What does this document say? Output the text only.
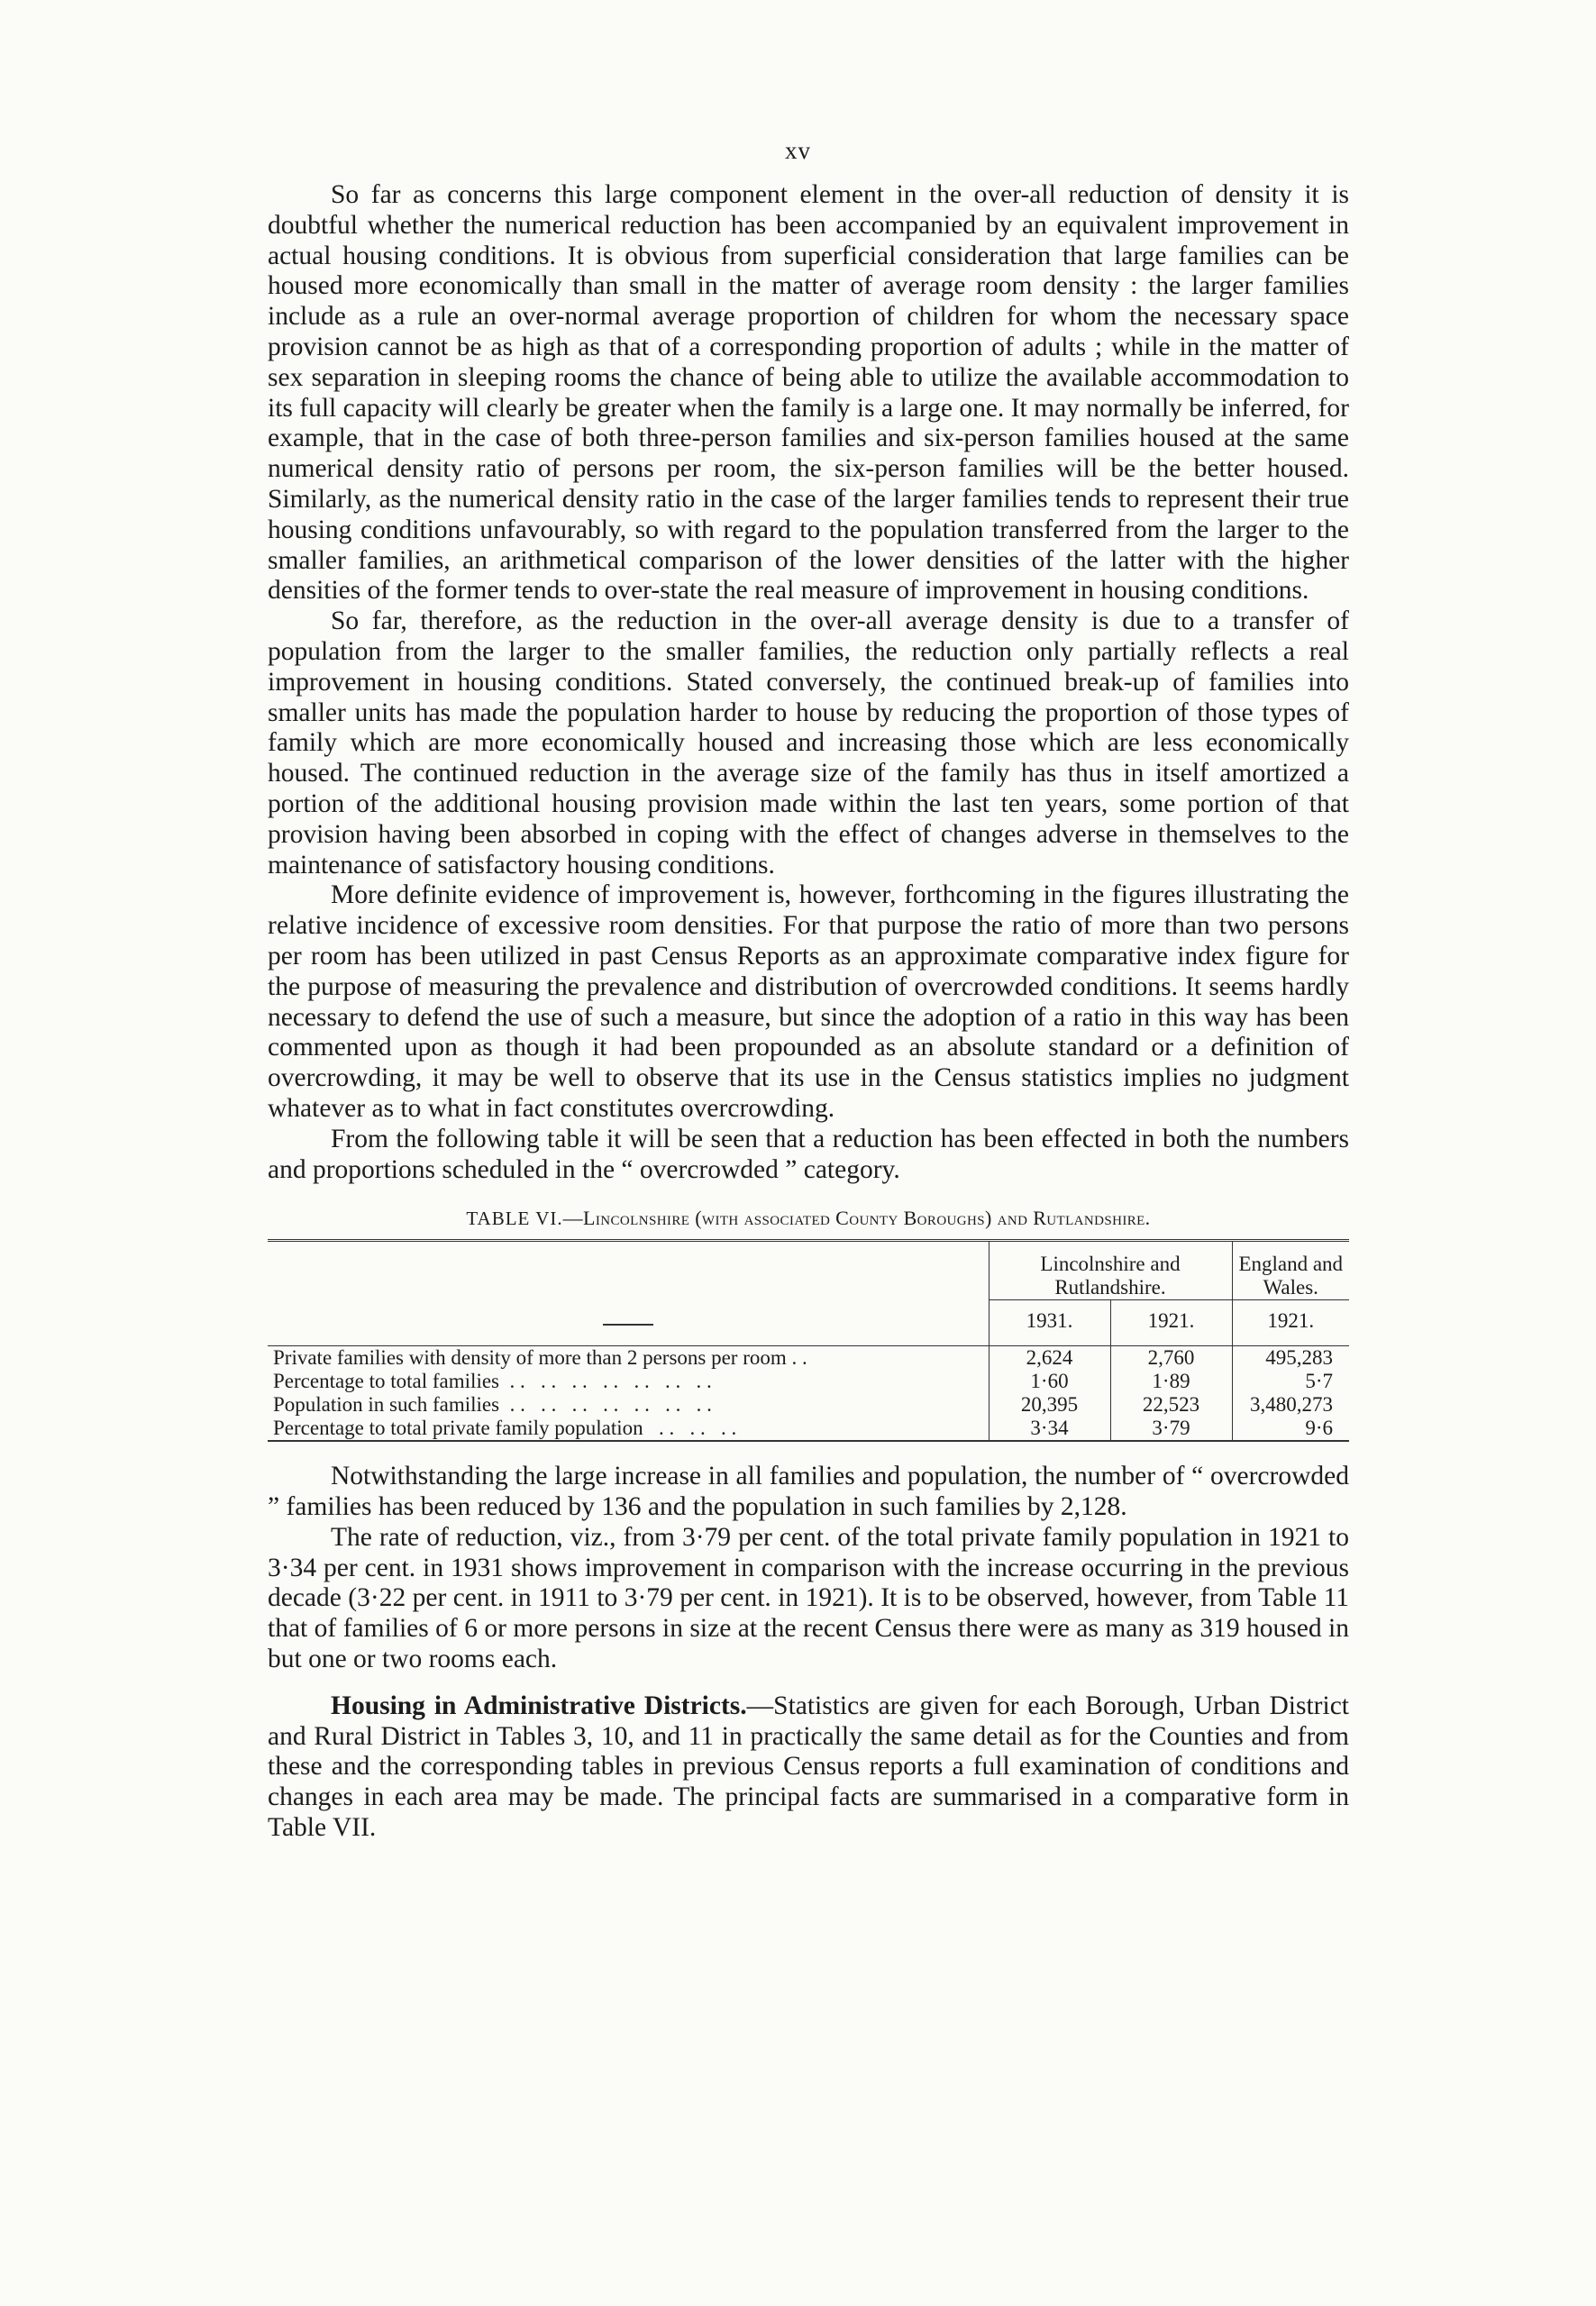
xv

So far as concerns this large component element in the over-all reduction of density it is doubtful whether the numerical reduction has been accompanied by an equivalent improvement in actual housing conditions. It is obvious from superficial consideration that large families can be housed more economically than small in the matter of average room density : the larger families include as a rule an over-normal average proportion of children for whom the necessary space provision cannot be as high as that of a corresponding proportion of adults ; while in the matter of sex separation in sleeping rooms the chance of being able to utilize the available accommodation to its full capacity will clearly be greater when the family is a large one. It may normally be inferred, for example, that in the case of both three-person families and six-person families housed at the same numerical density ratio of persons per room, the six-person families will be the better housed. Similarly, as the numerical density ratio in the case of the larger families tends to represent their true housing conditions unfavourably, so with regard to the population transferred from the larger to the smaller families, an arithmetical comparison of the lower densities of the latter with the higher densities of the former tends to over-state the real measure of improvement in housing conditions.

So far, therefore, as the reduction in the over-all average density is due to a transfer of population from the larger to the smaller families, the reduction only partially reflects a real improvement in housing conditions. Stated conversely, the continued break-up of families into smaller units has made the population harder to house by reducing the proportion of those types of family which are more economically housed and increasing those which are less economically housed. The continued reduction in the average size of the family has thus in itself amortized a portion of the additional housing provision made within the last ten years, some portion of that provision having been absorbed in coping with the effect of changes adverse in themselves to the maintenance of satisfactory housing conditions.

More definite evidence of improvement is, however, forthcoming in the figures illustrating the relative incidence of excessive room densities. For that purpose the ratio of more than two persons per room has been utilized in past Census Reports as an approximate comparative index figure for the purpose of measuring the prevalence and distribution of overcrowded conditions. It seems hardly necessary to defend the use of such a measure, but since the adoption of a ratio in this way has been commented upon as though it had been propounded as an absolute standard or a definition of overcrowding, it may be well to observe that its use in the Census statistics implies no judgment whatever as to what in fact constitutes overcrowding.

From the following table it will be seen that a reduction has been effected in both the numbers and proportions scheduled in the “ overcrowded ” category.

TABLE VI.—Lincolnshire (with associated County Boroughs) and Rutlandshire.
	Lincolnshire and Rutlandshire.		England and Wales.
	1931.	1921.	1921.
Private families with density of more than 2 persons per room . .	2,624	2,760	495,283
Percentage to total families  . .   . .   . .   . .   . .   . .   . .	1·60	1·89	5·7
Population in such families  . .   . .   . .   . .   . .   . .   . .	20,395	22,523	3,480,273
Percentage to total private family population   . .   . .   . .	3·34	3·79	9·6

Notwithstanding the large increase in all families and population, the number of “ overcrowded ” families has been reduced by 136 and the population in such families by 2,128.

The rate of reduction, viz., from 3·79 per cent. of the total private family population in 1921 to 3·34 per cent. in 1931 shows improvement in comparison with the increase occurring in the previous decade (3·22 per cent. in 1911 to 3·79 per cent. in 1921). It is to be observed, however, from Table 11 that of families of 6 or more persons in size at the recent Census there were as many as 319 housed in but one or two rooms each.

Housing in Administrative Districts.—Statistics are given for each Borough, Urban District and Rural District in Tables 3, 10, and 11 in practically the same detail as for the Counties and from these and the corresponding tables in previous Census reports a full examination of conditions and changes in each area may be made. The principal facts are summarised in a comparative form in Table VII.
